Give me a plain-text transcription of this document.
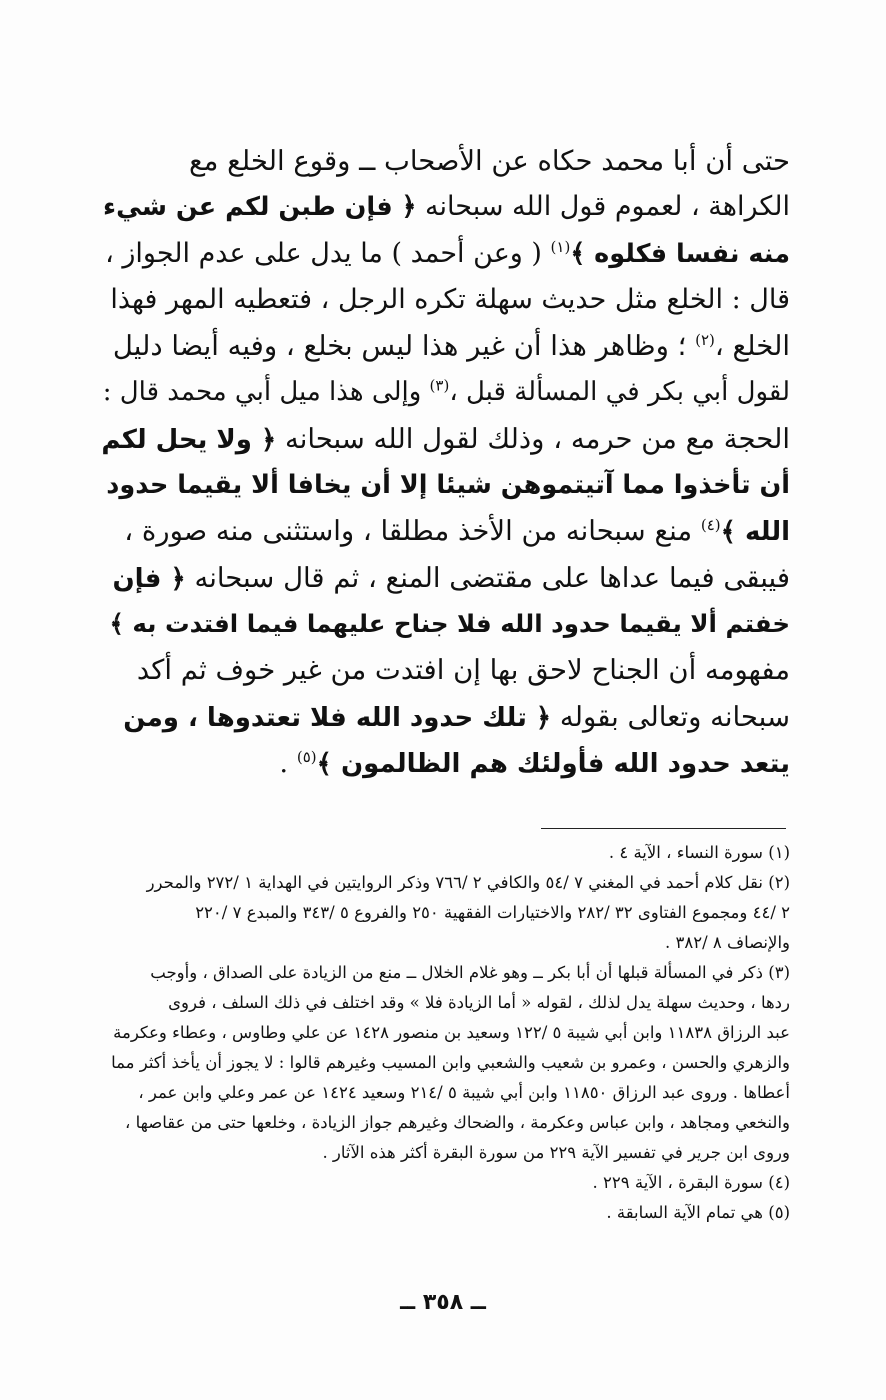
حتى أن أبا محمد حكاه عن الأصحاب ــ وقوع الخلع مع
الكراهة ، لعموم قول الله سبحانه ﴿ فإن طبن لكم عن شيء
منه نفسا فكلوه ﴾$^{(١)}$ ( وعن أحمد ) ما يدل على عدم الجواز ،
قال : الخلع مثل حديث سهلة تكره الرجل ، فتعطيه المهر فهذا
الخلع ،$^{(٢)}$ ؛ وظاهر هذا أن غير هذا ليس بخلع ، وفيه أيضا دليل
لقول أبي بكر في المسألة قبل ،$^{(٣)}$ وإلى هذا ميل أبي محمد قال :
الحجة مع من حرمه ، وذلك لقول الله سبحانه ﴿ ولا يحل لكم
أن تأخذوا مما آتيتموهن شيئا إلا أن يخافا ألا يقيما حدود
الله ﴾$^{(٤)}$ منع سبحانه من الأخذ مطلقا ، واستثنى منه صورة ،
فيبقى فيما عداها على مقتضى المنع ، ثم قال سبحانه ﴿ فإن
خفتم ألا يقيما حدود الله فلا جناح عليهما فيما افتدت به ﴾
مفهومه أن الجناح لاحق بها إن افتدت من غير خوف ثم أكد
سبحانه وتعالى بقوله ﴿ تلك حدود الله فلا تعتدوها ، ومن
يتعد حدود الله فأولئك هم الظالمون ﴾$^{(٥)}$ .
(١) سورة النساء ، الآية ٤ .
(٢) نقل كلام أحمد في المغني ٧ /٥٤ والكافي ٢ /٧٦٦ وذكر الروايتين في الهداية ١ /٢٧٢ والمحرر
٢ /٤٤ ومجموع الفتاوى ٣٢ /٢٨٢ والاختيارات الفقهية ٢٥٠ والفروع ٥ /٣٤٣ والمبدع ٧ /٢٢٠
والإنصاف ٨ /٣٨٢ .
(٣) ذكر في المسألة قبلها أن أبا بكر ــ وهو غلام الخلال ــ منع من الزيادة على الصداق ، وأوجب
ردها ، وحديث سهلة يدل لذلك ، لقوله « أما الزيادة فلا » وقد اختلف في ذلك السلف ، فروى
عبد الرزاق ١١٨٣٨ وابن أبي شيبة ٥ /١٢٢ وسعيد بن منصور ١٤٢٨ عن علي وطاوس ، وعطاء وعكرمة
والزهري والحسن ، وعمرو بن شعيب والشعبي وابن المسيب وغيرهم قالوا : لا يجوز أن يأخذ أكثر مما
أعطاها . وروى عبد الرزاق ١١٨٥٠ وابن أبي شيبة ٥ /٢١٤ وسعيد ١٤٢٤ عن عمر وعلي وابن عمر ،
والنخعي ومجاهد ، وابن عباس وعكرمة ، والضحاك وغيرهم جواز الزيادة ، وخلعها حتى من عقاصها ،
وروى ابن جرير في تفسير الآية ٢٢٩ من سورة البقرة أكثر هذه الآثار .
(٤) سورة البقرة ، الآية ٢٢٩ .
(٥) هي تمام الآية السابقة .
ــ ٣٥٨ ــ
